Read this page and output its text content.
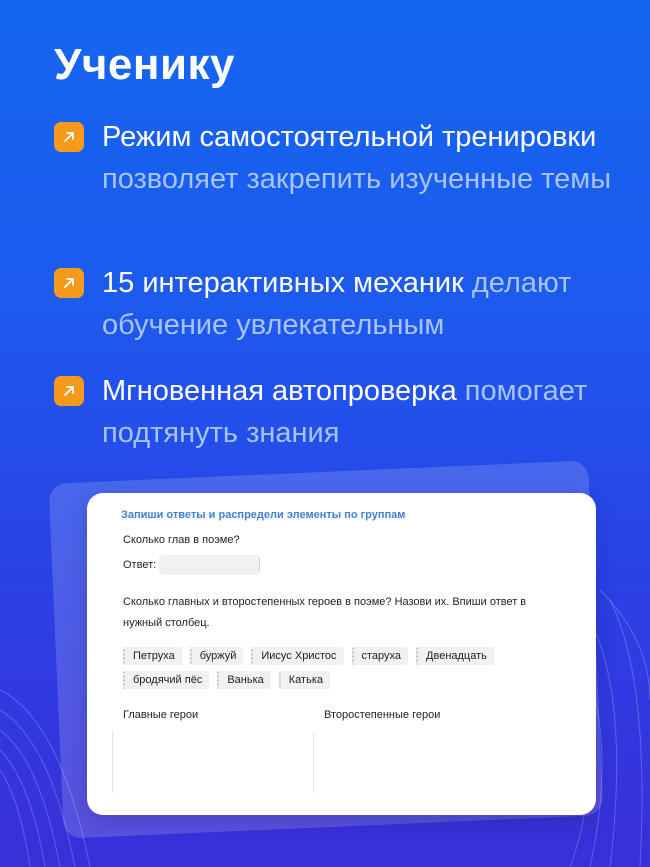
Ученику
Режим самостоятельной тренировки позволяет закрепить изученные темы
15 интерактивных механик делают обучение увлекательным
Мгновенная автопроверка помогает подтянуть знания
Запиши ответы и распредели элементы по группам
Сколько глав в поэме?
Ответ:
Сколько главных и второстепенных героев в поэме? Назови их. Впиши ответ в нужный столбец.
Петруха	буржуй	Иисус Христос	старуха	Двенадцать
бродячий пёс	Ванька	Катька
Главные герои	Второстепенные герои
